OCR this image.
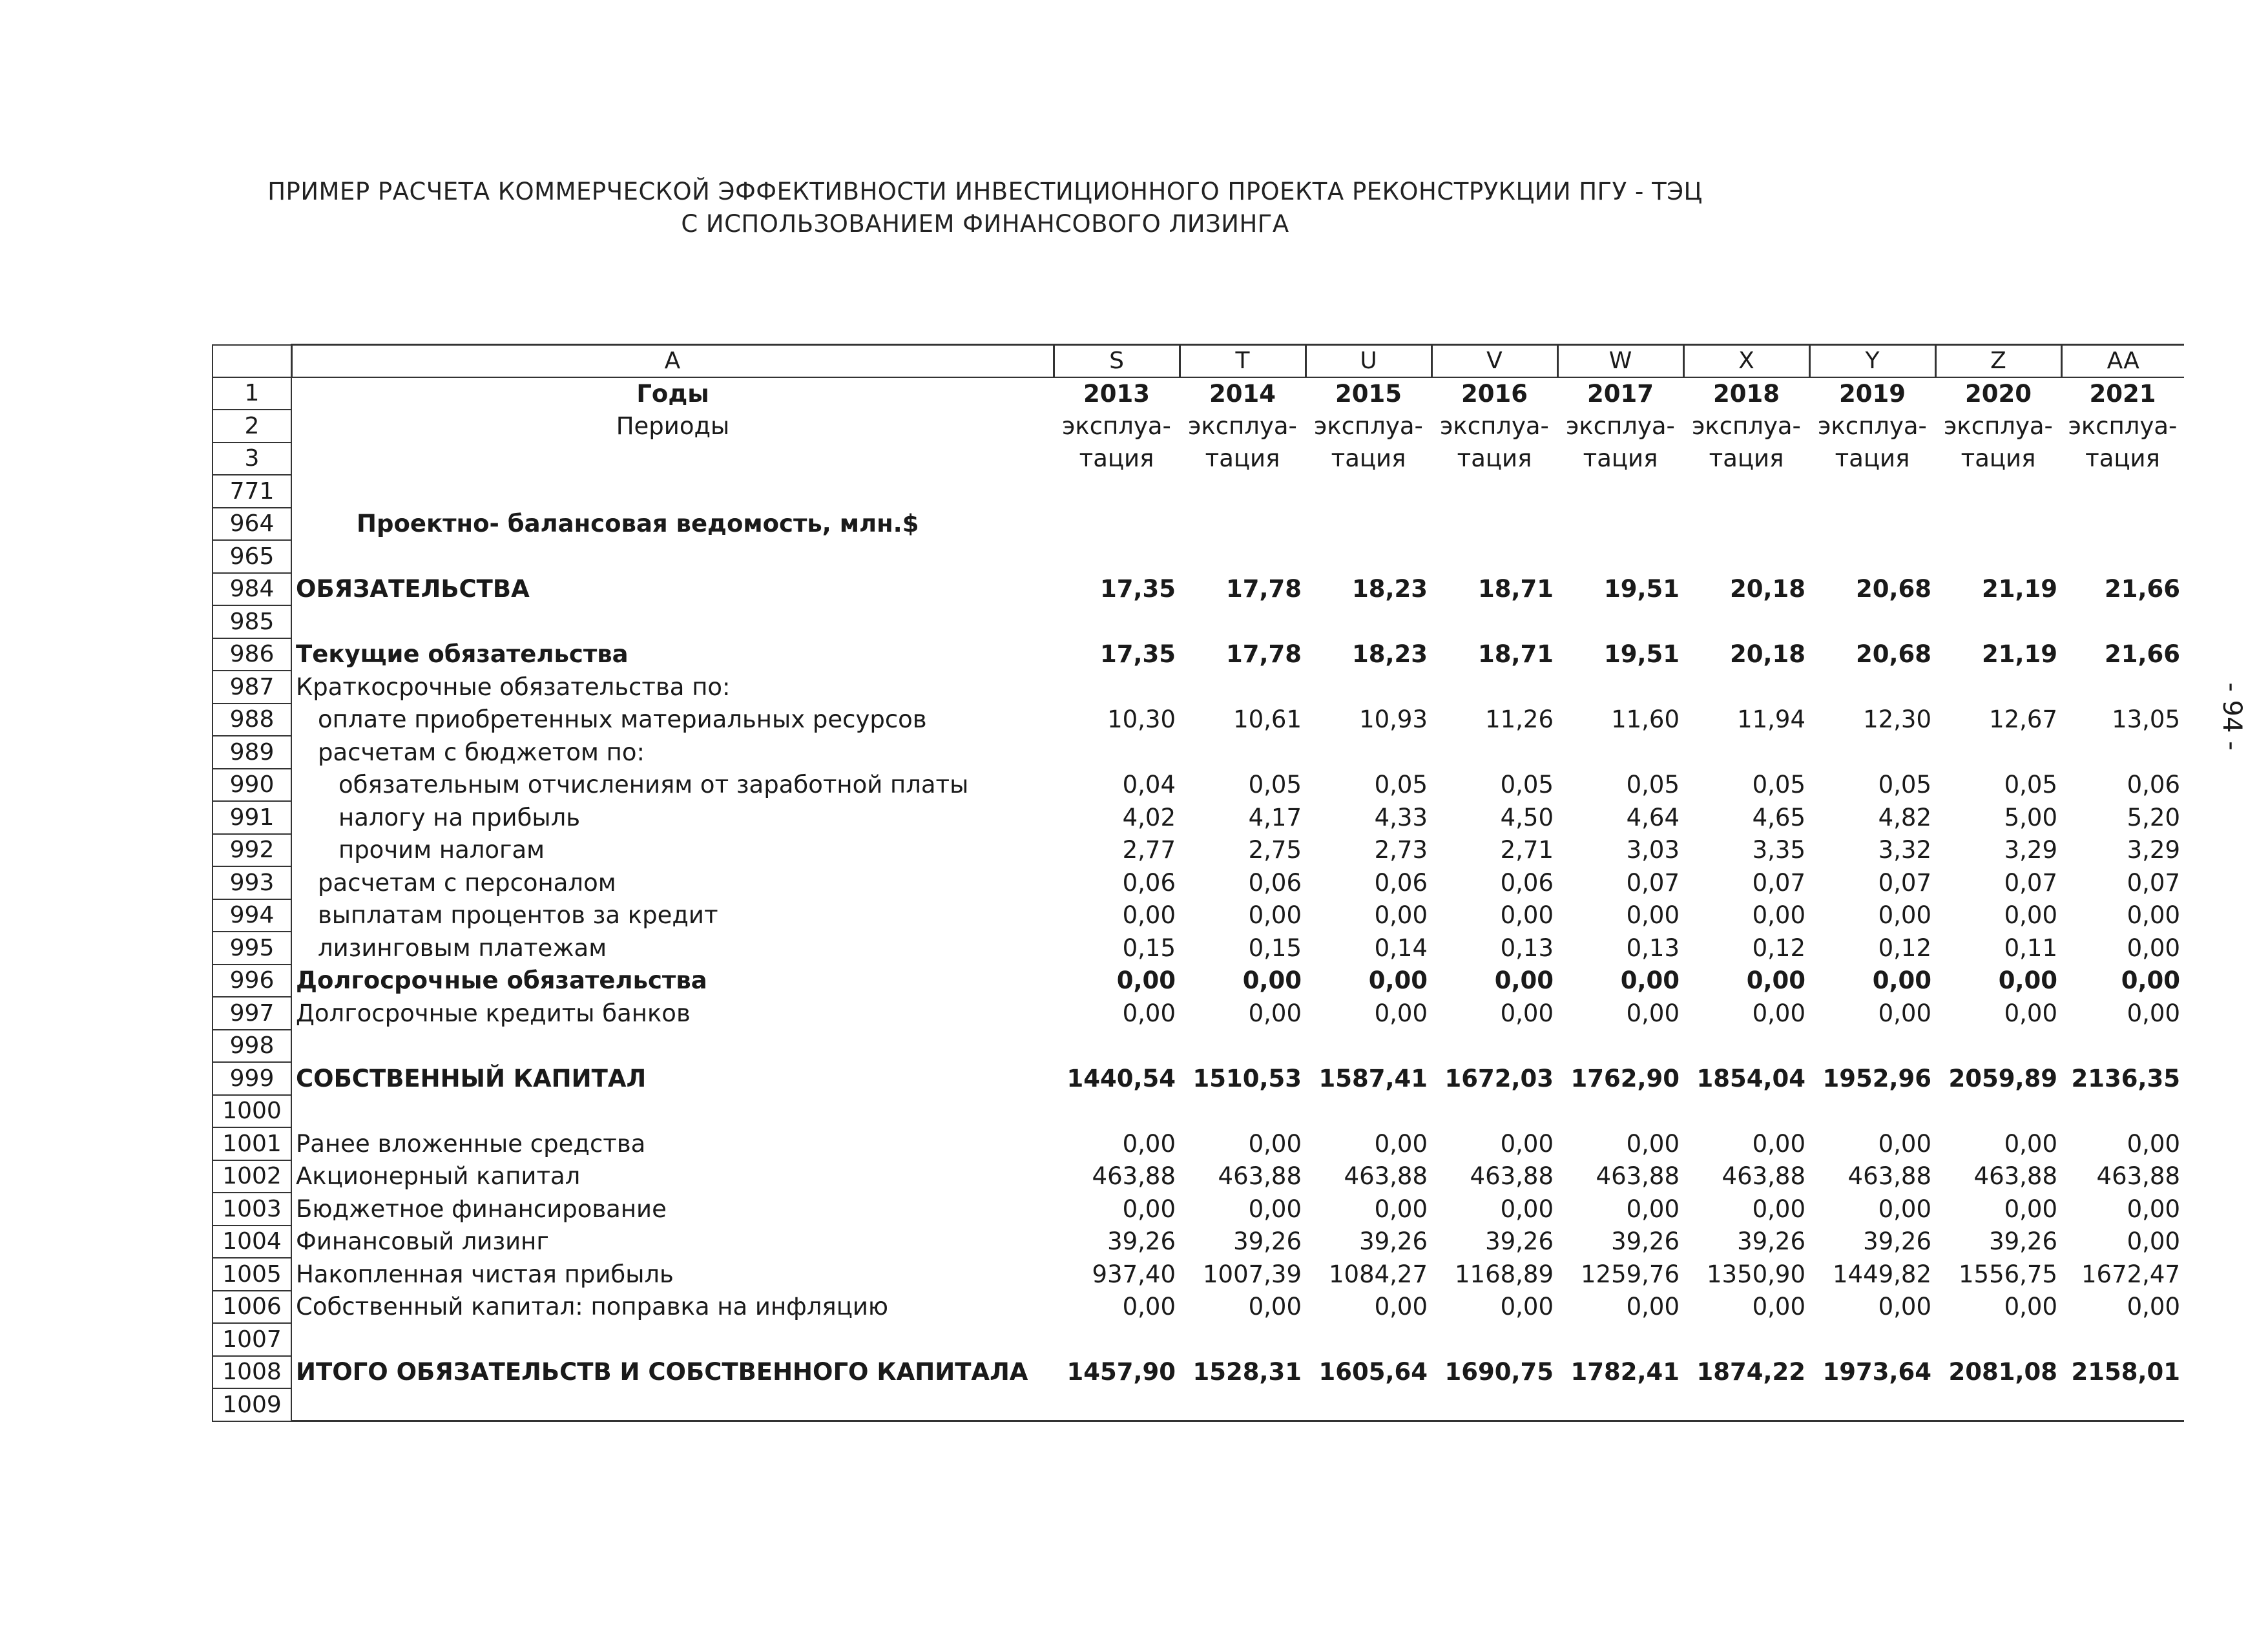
ПРИМЕР РАСЧЕТА КОММЕРЧЕСКОЙ ЭФФЕКТИВНОСТИ ИНВЕСТИЦИОННОГО ПРОЕКТА РЕКОНСТРУКЦИИ ПГУ - ТЭЦ
С ИСПОЛЬЗОВАНИЕМ ФИНАНСОВОГО ЛИЗИНГА
- 94 -
	A	S	T	U	V	W	X	Y	Z	AA
1	Годы	2013	2014	2015	2016	2017	2018	2019	2020	2021
2	Периоды	эксплуа-	эксплуа-	эксплуа-	эксплуа-	эксплуа-	эксплуа-	эксплуа-	эксплуа-	эксплуа-
3		тация	тация	тация	тация	тация	тация	тация	тация	тация
771										
964	Проектно- балансовая ведомость, млн.$									
965										
984	ОБЯЗАТЕЛЬСТВА	17,35	17,78	18,23	18,71	19,51	20,18	20,68	21,19	21,66
985										
986	Текущие обязательства	17,35	17,78	18,23	18,71	19,51	20,18	20,68	21,19	21,66
987	Краткосрочные обязательства по:									
988	оплате приобретенных материальных ресурсов	10,30	10,61	10,93	11,26	11,60	11,94	12,30	12,67	13,05
989	расчетам с бюджетом по:									
990	обязательным отчислениям от заработной платы	0,04	0,05	0,05	0,05	0,05	0,05	0,05	0,05	0,06
991	налогу на прибыль	4,02	4,17	4,33	4,50	4,64	4,65	4,82	5,00	5,20
992	прочим налогам	2,77	2,75	2,73	2,71	3,03	3,35	3,32	3,29	3,29
993	расчетам с персоналом	0,06	0,06	0,06	0,06	0,07	0,07	0,07	0,07	0,07
994	выплатам процентов за кредит	0,00	0,00	0,00	0,00	0,00	0,00	0,00	0,00	0,00
995	лизинговым платежам	0,15	0,15	0,14	0,13	0,13	0,12	0,12	0,11	0,00
996	Долгосрочные обязательства	0,00	0,00	0,00	0,00	0,00	0,00	0,00	0,00	0,00
997	Долгосрочные кредиты банков	0,00	0,00	0,00	0,00	0,00	0,00	0,00	0,00	0,00
998										
999	СОБСТВЕННЫЙ КАПИТАЛ	1440,54	1510,53	1587,41	1672,03	1762,90	1854,04	1952,96	2059,89	2136,35
1000										
1001	Ранее вложенные средства	0,00	0,00	0,00	0,00	0,00	0,00	0,00	0,00	0,00
1002	Акционерный капитал	463,88	463,88	463,88	463,88	463,88	463,88	463,88	463,88	463,88
1003	Бюджетное финансирование	0,00	0,00	0,00	0,00	0,00	0,00	0,00	0,00	0,00
1004	Финансовый лизинг	39,26	39,26	39,26	39,26	39,26	39,26	39,26	39,26	0,00
1005	Накопленная чистая прибыль	937,40	1007,39	1084,27	1168,89	1259,76	1350,90	1449,82	1556,75	1672,47
1006	Собственный капитал: поправка на инфляцию	0,00	0,00	0,00	0,00	0,00	0,00	0,00	0,00	0,00
1007										
1008	ИТОГО ОБЯЗАТЕЛЬСТВ И СОБСТВЕННОГО КАПИТАЛА	1457,90	1528,31	1605,64	1690,75	1782,41	1874,22	1973,64	2081,08	2158,01
1009										
